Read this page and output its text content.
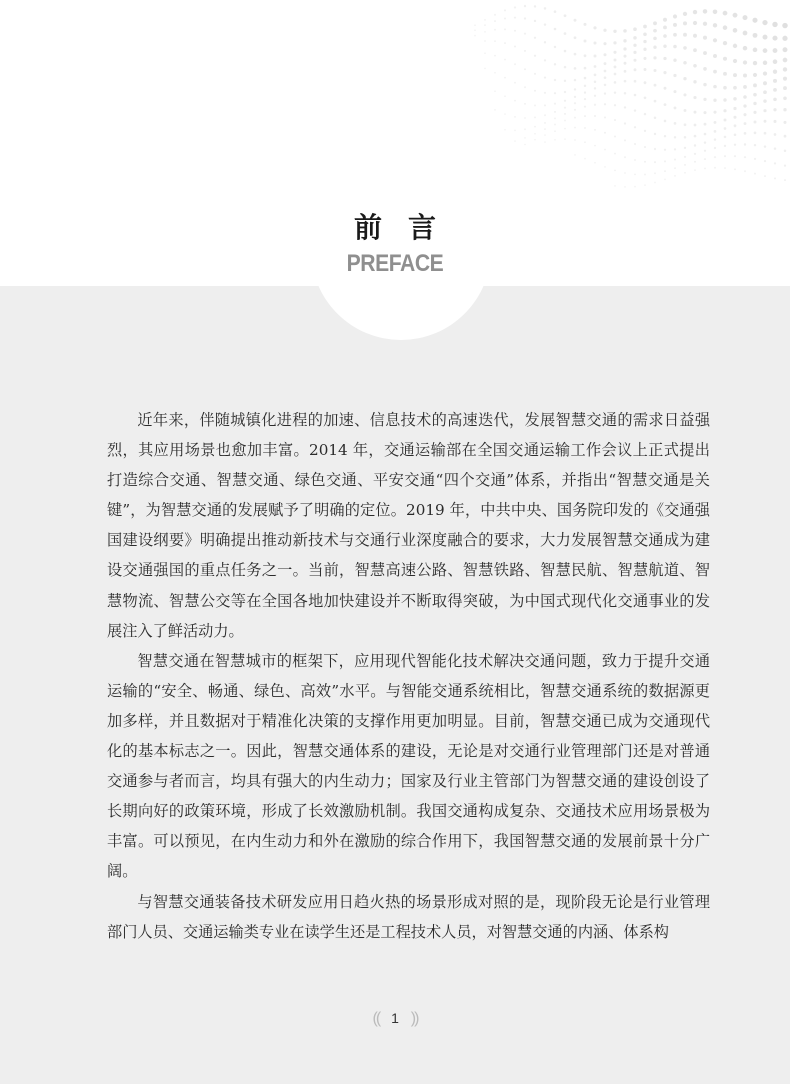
前言
PREFACE

近年来，伴随城镇化进程的加速、信息技术的高速迭代，发展智慧交通的需求日益强烈，其应用场景也愈加丰富。2014 年，交通运输部在全国交通运输工作会议上正式提出打造综合交通、智慧交通、绿色交通、平安交通“四个交通”体系，并指出“智慧交通是关键”，为智慧交通的发展赋予了明确的定位。2019 年，中共中央、国务院印发的《交通强国建设纲要》明确提出推动新技术与交通行业深度融合的要求，大力发展智慧交通成为建设交通强国的重点任务之一。当前，智慧高速公路、智慧铁路、智慧民航、智慧航道、智慧物流、智慧公交等在全国各地加快建设并不断取得突破，为中国式现代化交通事业的发展注入了鲜活动力。

智慧交通在智慧城市的框架下，应用现代智能化技术解决交通问题，致力于提升交通运输的“安全、畅通、绿色、高效”水平。与智能交通系统相比，智慧交通系统的数据源更加多样，并且数据对于精准化决策的支撑作用更加明显。目前，智慧交通已成为交通现代化的基本标志之一。因此，智慧交通体系的建设，无论是对交通行业管理部门还是对普通交通参与者而言，均具有强大的内生动力；国家及行业主管部门为智慧交通的建设创设了长期向好的政策环境，形成了长效激励机制。我国交通构成复杂、交通技术应用场景极为丰富。可以预见，在内生动力和外在激励的综合作用下，我国智慧交通的发展前景十分广阔。

与智慧交通装备技术研发应用日趋火热的场景形成对照的是，现阶段无论是行业管理部门人员、交通运输类专业在读学生还是工程技术人员，对智慧交通的内涵、体系构

(( 1 ))
